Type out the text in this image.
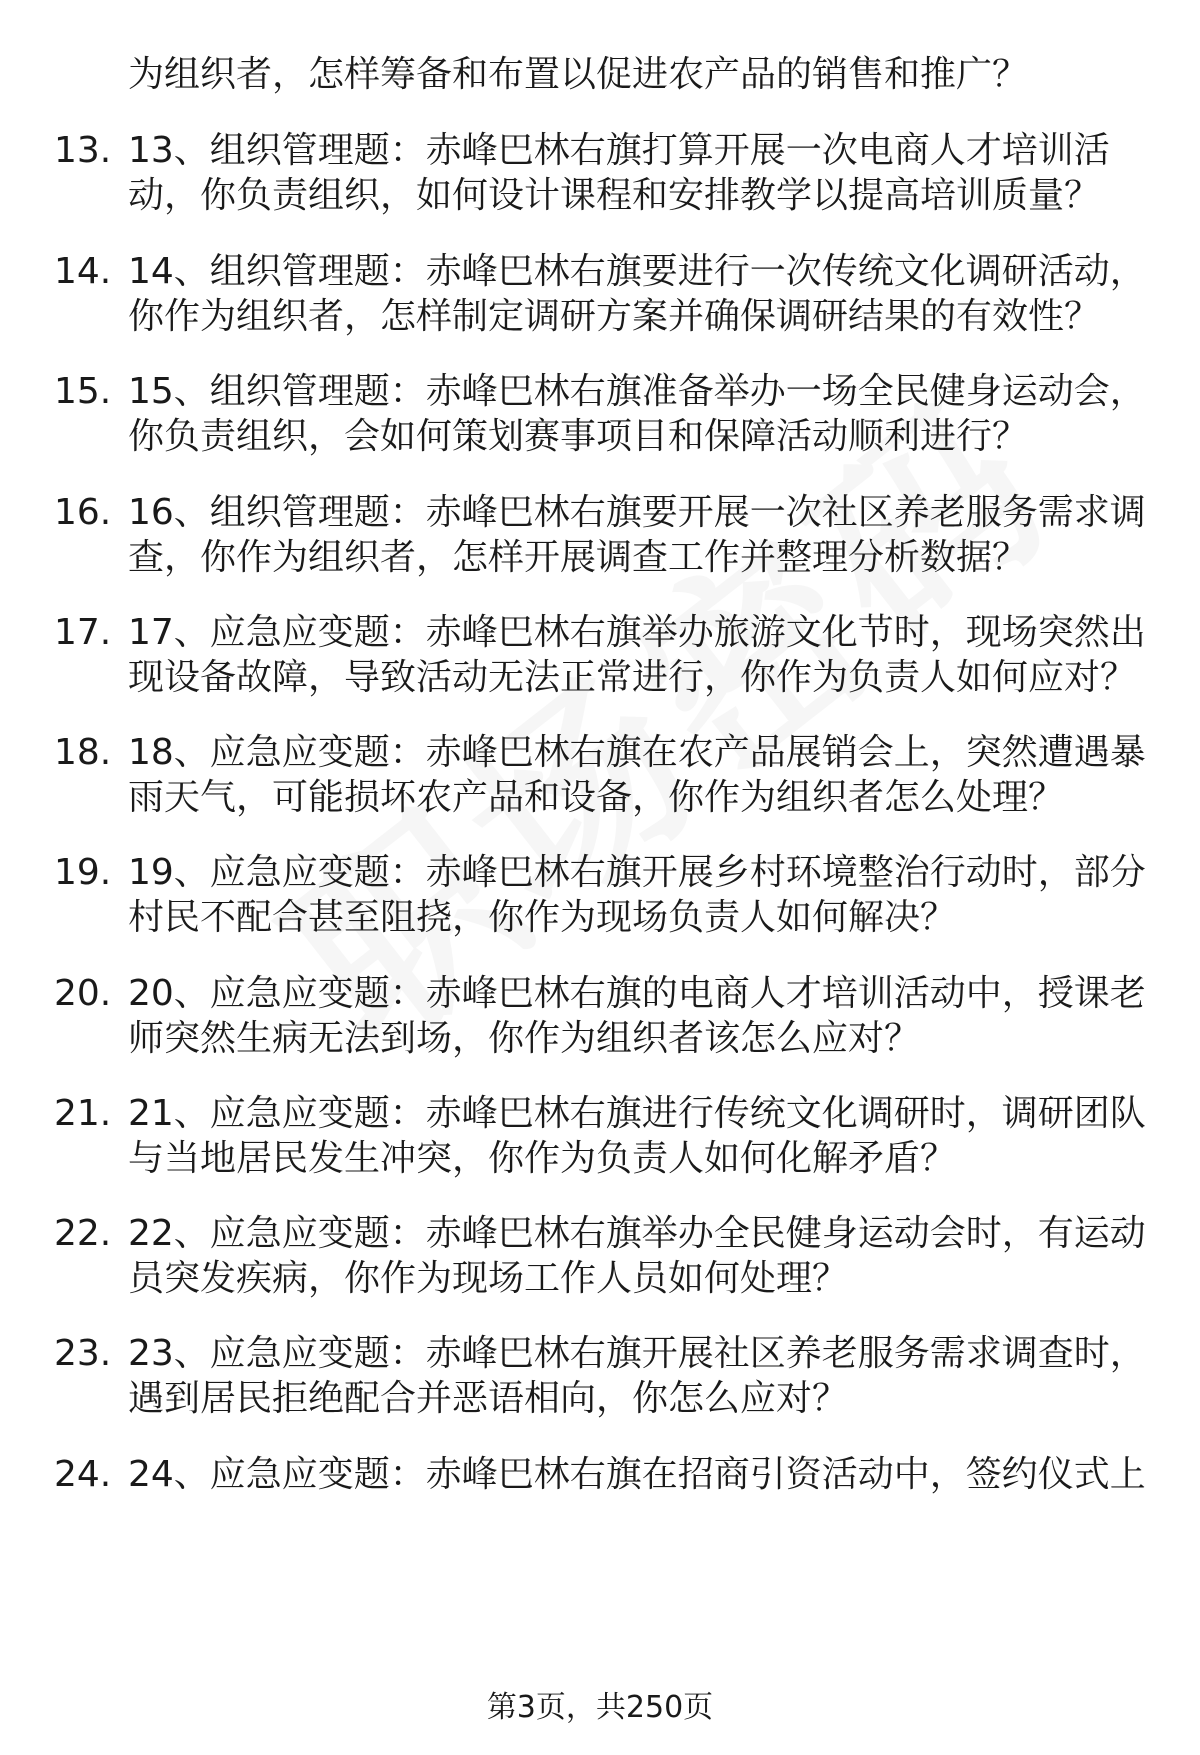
为组织者，怎样筹备和布置以促进农产品的销售和推广？
13. 13、组织管理题：赤峰巴林右旗打算开展一次电商人才培训活
动，你负责组织，如何设计课程和安排教学以提高培训质量？
14. 14、组织管理题：赤峰巴林右旗要进行一次传统文化调研活动，
你作为组织者，怎样制定调研方案并确保调研结果的有效性？
15. 15、组织管理题：赤峰巴林右旗准备举办一场全民健身运动会，
你负责组织，会如何策划赛事项目和保障活动顺利进行？
16. 16、组织管理题：赤峰巴林右旗要开展一次社区养老服务需求调
查，你作为组织者，怎样开展调查工作并整理分析数据？
17. 17、应急应变题：赤峰巴林右旗举办旅游文化节时，现场突然出
现设备故障，导致活动无法正常进行，你作为负责人如何应对？
18. 18、应急应变题：赤峰巴林右旗在农产品展销会上，突然遭遇暴
雨天气，可能损坏农产品和设备，你作为组织者怎么处理？
19. 19、应急应变题：赤峰巴林右旗开展乡村环境整治行动时，部分
村民不配合甚至阻挠，你作为现场负责人如何解决？
20. 20、应急应变题：赤峰巴林右旗的电商人才培训活动中，授课老
师突然生病无法到场，你作为组织者该怎么应对？
21. 21、应急应变题：赤峰巴林右旗进行传统文化调研时，调研团队
与当地居民发生冲突，你作为负责人如何化解矛盾？
22. 22、应急应变题：赤峰巴林右旗举办全民健身运动会时，有运动
员突发疾病，你作为现场工作人员如何处理？
23. 23、应急应变题：赤峰巴林右旗开展社区养老服务需求调查时，
遇到居民拒绝配合并恶语相向，你怎么应对？
24. 24、应急应变题：赤峰巴林右旗在招商引资活动中，签约仪式上
第3页，共250页
